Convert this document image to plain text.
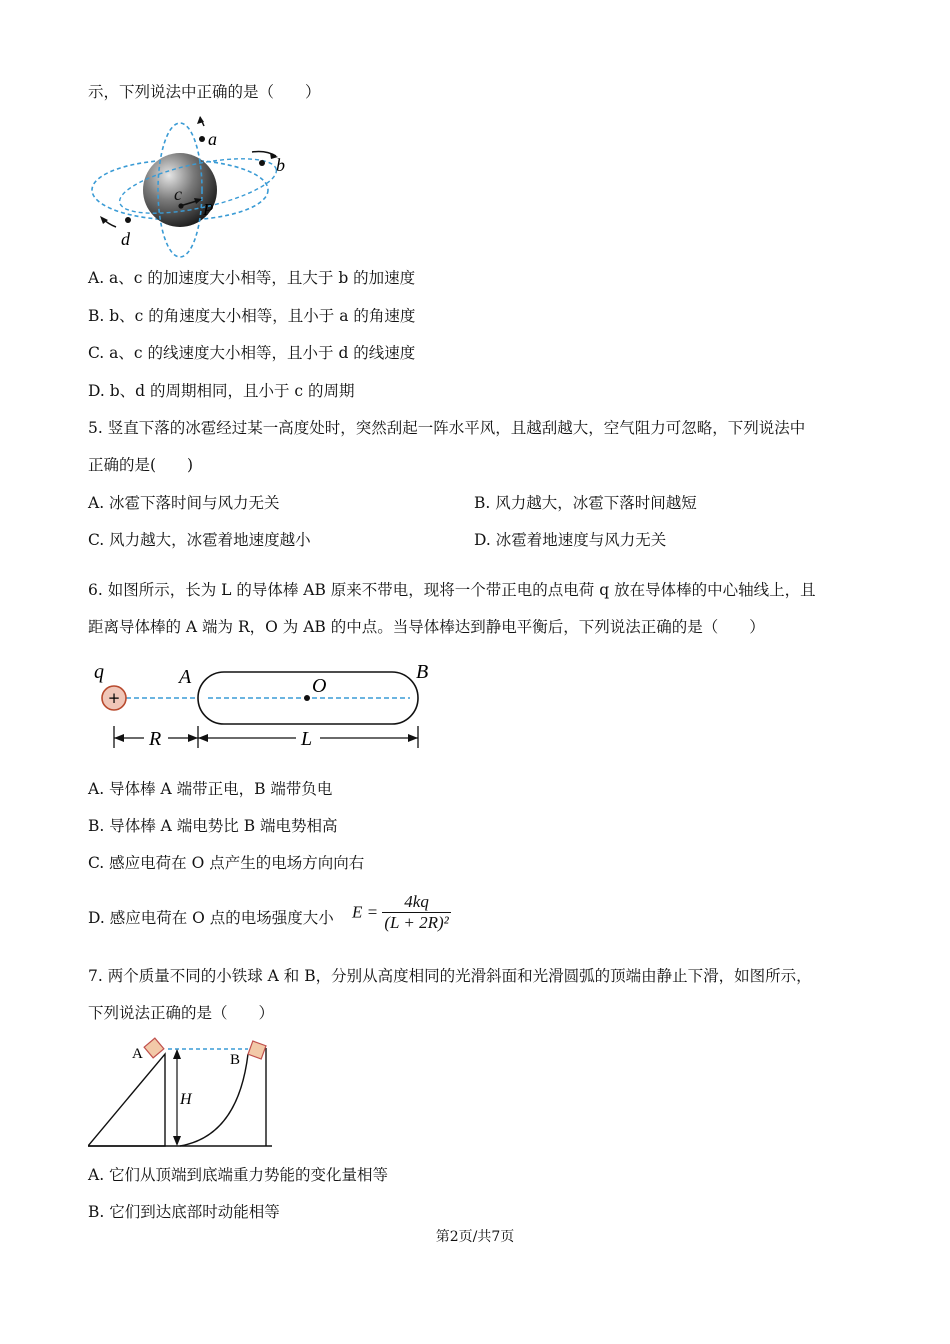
示，下列说法中正确的是（　　）
a
b
c
d
P
A. a、c 的加速度大小相等，且大于 b 的加速度
B. b、c 的角速度大小相等，且小于 a 的角速度
C. a、c 的线速度大小相等，且小于 d 的线速度
D. b、d 的周期相同，且小于 c 的周期
5. 竖直下落的冰雹经过某一高度处时，突然刮起一阵水平风，且越刮越大，空气阻力可忽略，下列说法中
正确的是(　　)
A. 冰雹下落时间与风力无关	B. 风力越大，冰雹下落时间越短
C. 风力越大，冰雹着地速度越小	D. 冰雹着地速度与风力无关
6. 如图所示，长为 L 的导体棒 AB 原来不带电，现将一个带正电的点电荷 q 放在导体棒的中心轴线上，且
距离导体棒的 A 端为 R，O 为 AB 的中点。当导体棒达到静电平衡后，下列说法正确的是（　　）
+
q	A	O
B
R	L
A. 导体棒 A 端带正电，B 端带负电
B. 导体棒 A 端电势比 B 端电势相高
C. 感应电荷在 O 点产生的电场方向向右
D. 感应电荷在 O 点的电场强度大小 $E = \frac{4kq}{\text{(L + 2R)²}}$
7. 两个质量不同的小铁球 A 和 B，分别从高度相同的光滑斜面和光滑圆弧的顶端由静止下滑，如图所示，
下列说法正确的是（　　）
A	B
H
A. 它们从顶端到底端重力势能的变化量相等
B. 它们到达底部时动能相等
第2页/共7页
